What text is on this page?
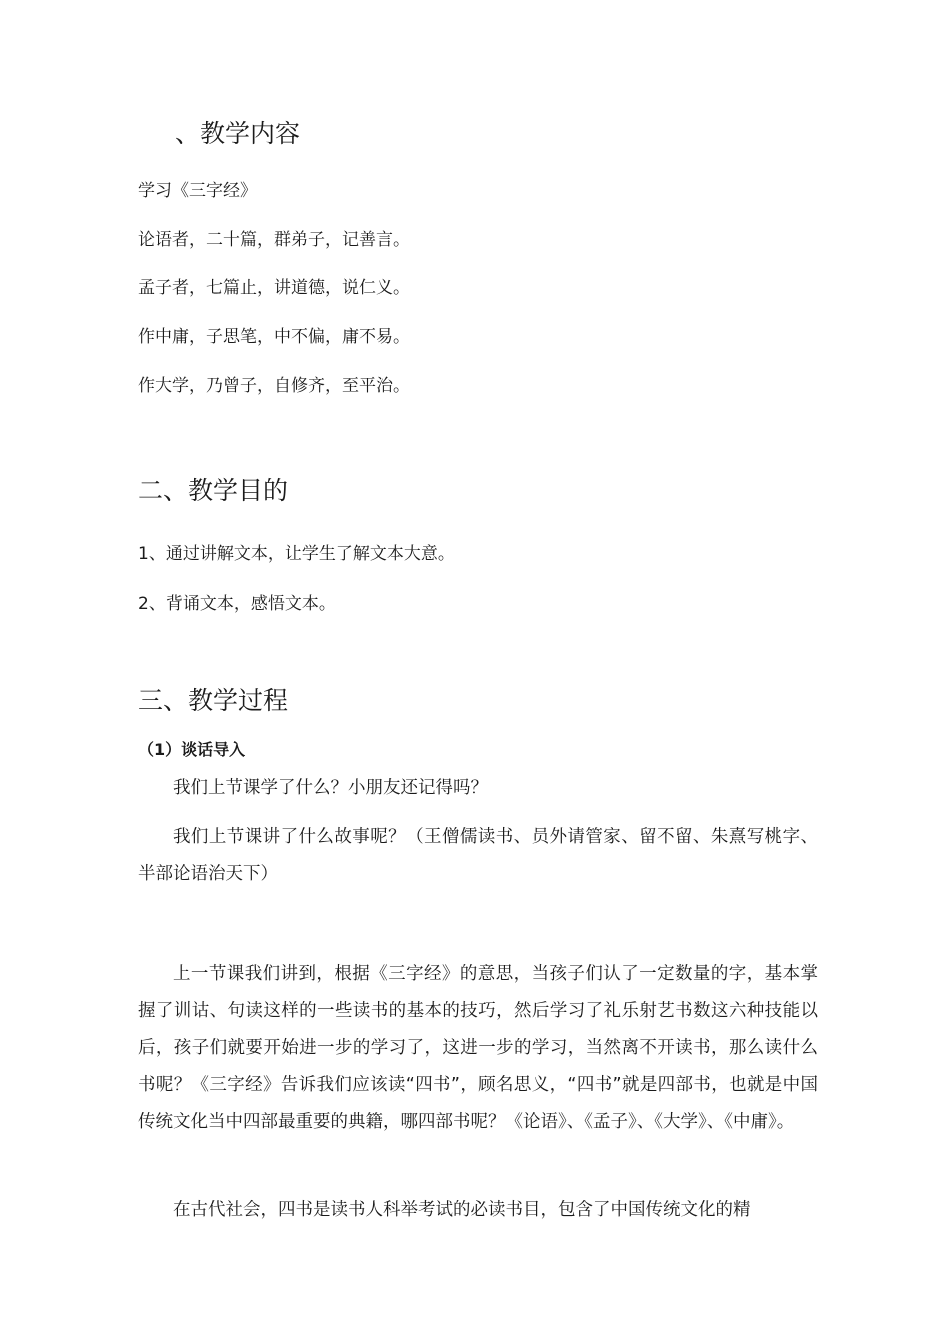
、教学内容
学习《三字经》
论语者，二十篇，群弟子，记善言。
孟子者，七篇止，讲道德，说仁义。
作中庸，子思笔，中不偏，庸不易。
作大学，乃曾子，自修齐，至平治。
二、教学目的
1、通过讲解文本，让学生了解文本大意。
2、背诵文本，感悟文本。
三、教学过程
（1）谈话导入
我们上节课学了什么？小朋友还记得吗？
我们上节课讲了什么故事呢？（王僧儒读书、员外请管家、留不留、朱熹写桃字、半部论语治天下）
上一节课我们讲到，根据《三字经》的意思，当孩子们认了一定数量的字，基本掌握了训诂、句读这样的一些读书的基本的技巧，然后学习了礼乐射艺书数这六种技能以后，孩子们就要开始进一步的学习了，这进一步的学习，当然离不开读书，那么读什么书呢？《三字经》告诉我们应该读“四书”，顾名思义，“四书”就是四部书，也就是中国传统文化当中四部最重要的典籍，哪四部书呢？《论语》、《孟子》、《大学》、《中庸》。
在古代社会，四书是读书人科举考试的必读书目，包含了中国传统文化的精
